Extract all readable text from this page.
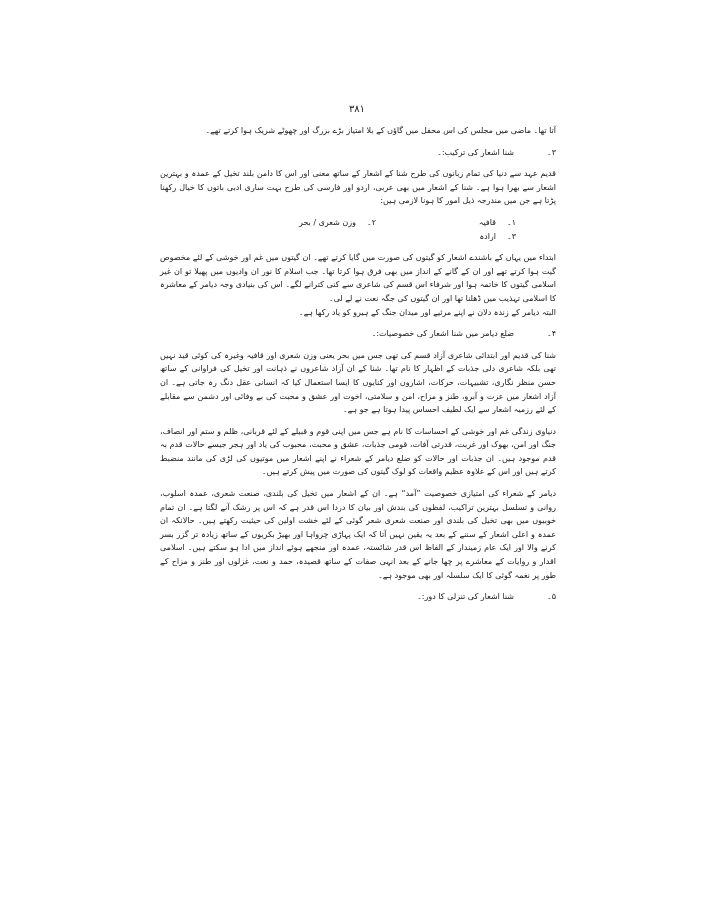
۳۸۱

آتا تھا۔ ماضی میں مجلس کی اس محفل میں گاؤں کے بلا امتیاز بڑے بزرگ اور چھوٹے شریک ہوا کرتے تھے۔

۳۔
شنا اشعار کی ترکیب:۔

قدیم عہد سے دنیا کی تمام زبانوں کی طرح شنا کے اشعار کے ساتھ معنی اور اس کا دامن بلند تخیل کے عمدہ و بہترین اشعار سے بھرا ہوا ہے۔ شنا کے اشعار میں بھی عربی، اردو اور فارسی کی طرح بہت ساری ادبی باتوں کا خیال رکھنا پڑتا ہے جن میں مندرجہ ذیل امور کا ہونا لازمی ہیں:

۱۔
قافیہ
۲۔
وزن شعری / بحر
۳۔
ارادہ

ابتداء میں یہاں کے باشندے اشعار کو گیتوں کی صورت میں گایا کرتے تھے۔ ان گیتوں میں غم اور خوشی کے لئے مخصوص گیت ہوا کرتے تھے اور ان کے گانے کے انداز میں بھی فرق ہوا کرتا تھا۔ جب اسلام کا نور ان وادیوں میں پھیلا تو ان غیر اسلامی گیتوں کا خاتمہ ہوا اور شرفاء اس قسم کی شاعری سے کنی کترانے لگے۔ اس کی بنیادی وجہ دیامر کے معاشرہ کا اسلامی تہذیب میں ڈھلنا تھا اور ان گیتوں کی جگہ نعت نے لے لی۔

البتہ دیامر کے زندہ دلان نے اپنے مرثیے اور میدان جنگ کے ہیرو کو یاد رکھا ہے۔

۴۔
ضلع دیامر میں شنا اشعار کی خصوصیات:۔

شنا کی قدیم اور ابتدائی شاعری آزاد قسم کی تھی جس میں بحر یعنی وزن شعری اور قافیہ وغیرہ کی کوئی قید نہیں تھی بلکہ شاعری دلی جذبات کے اظہار کا نام تھا۔ شنا کے ان آزاد شاعروں نے ذہانت اور تخیل کی فراوانی کے ساتھ حسن منظر نگاری، تشبیہات، حرکات، اشاروں اور کنایوں کا ایسا استعمال کیا کہ انسانی عقل دنگ رہ جاتی ہے۔ ان آزاد اشعار میں عزت و آبرو، طنز و مزاح، امن و سلامتی، اخوت اور عشق و محبت کی بے وفائی اور دشمن سے مقابلے کے لئے رزمیہ اشعار سے ایک لطیف احساس پیدا ہوتا ہے جو ہے۔

دنیاوی زندگی غم اور خوشی کے احساسات کا نام ہے جس میں اپنی قوم و قبیلے کے لئے قربانی، ظلم و ستم اور انصاف، جنگ اور امن، بھوک اور غربت، قدرتی آفات، قومی جذبات، عشق و محبت، محبوب کی یاد اور ہجر جیسے حالات قدم بہ قدم موجود ہیں۔ ان جذبات اور حالات کو ضلع دیامر کے شعراء نے اپنے اشعار میں موتیوں کی لڑی کی مانند منضبط کرتے ہیں اور اس کے علاوہ عظیم واقعات کو لوک گیتوں کی صورت میں پیش کرتے ہیں۔

دیامر کے شعراء کی امتیازی خصوصیت ”آمد“ ہے۔ ان کے اشعار میں تخیل کی بلندی، صنعت شعری، عمدہ اسلوب، روانی و تسلسل بہترین تراکیب، لفظوں کی بندش اور بیان کا دردا اس قدر ہے کہ اس پر رشک آنے لگتا ہے۔ ان تمام خوبیوں میں بھی تخیل کی بلندی اور صنعت شعری شعر گوئی کے لئے خشت اولین کی حیثیت رکھتے ہیں۔ حالانکہ ان عمدہ و اعلی اشعار کے سننے کے بعد یہ یقین نہیں آتا کہ ایک پہاڑی چرواہا اور بھیڑ بکریوں کے ساتھ زیادہ تر گزر بسر کرنے والا اور ایک عام زمیندار کے الفاظ اس قدر شائستہ، عمدہ اور منجھے ہوئے انداز میں ادا ہو سکتے ہیں۔ اسلامی اقدار و روایات کے معاشرے پر چھا جانے کے بعد انہی صفات کے ساتھ قصیدہ، حمد و نعت، غزلوں اور طنز و مزاح کے طور پر نغمہ گوئی کا ایک سلسلہ اور بھی موجود ہے۔

۵۔
شنا اشعار کی تنزلی کا دور:۔
